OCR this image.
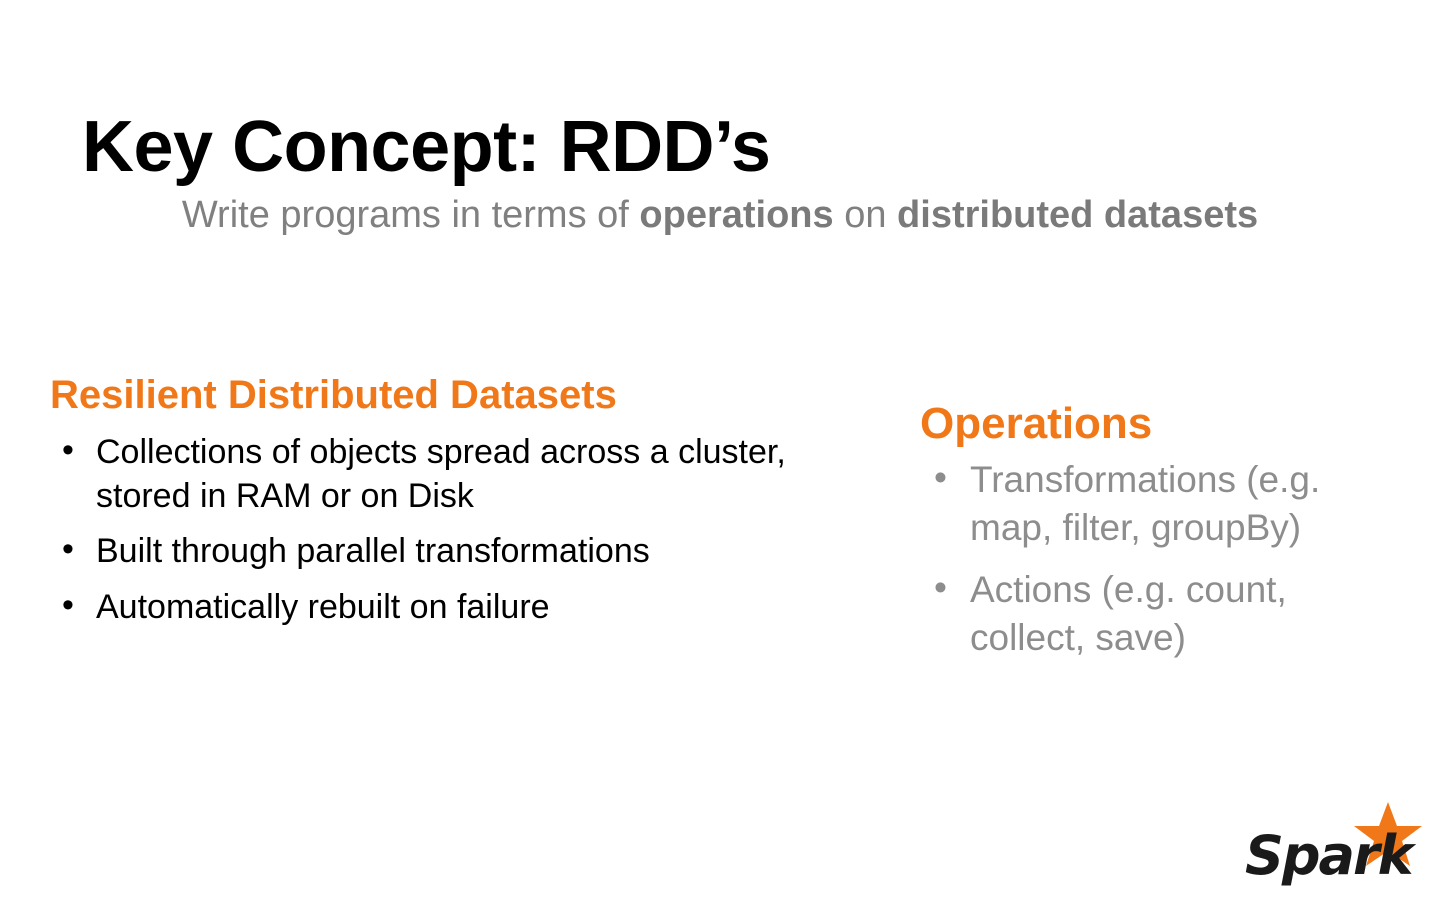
Key Concept: RDD’s
Write programs in terms of operations on distributed datasets
Resilient Distributed Datasets
• Collections of objects spread across a cluster, stored in RAM or on Disk
• Built through parallel transformations
• Automatically rebuilt on failure
Operations
• Transformations (e.g. map, filter, groupBy)
• Actions (e.g. count, collect, save)
Spark
